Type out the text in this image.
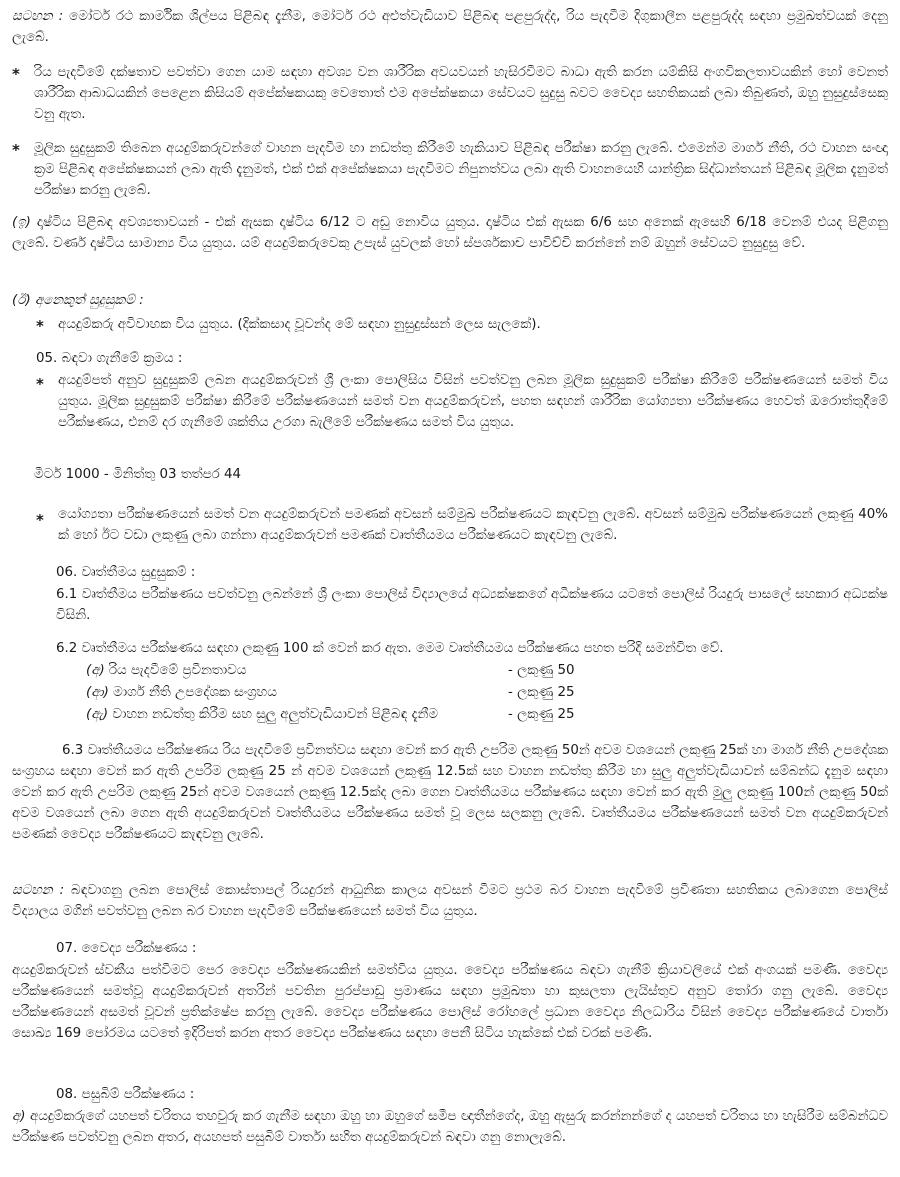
සටහන : මෝටර් රථ කාර්මික ශිල්පය පිළිබඳ දැනීම, මෝටර් රථ අළුත්වැඩියාව පිළිබඳ පළපුරුද්ද, රිය පැදවීම දිගුකාලීන පළපුරුද්ද සඳහා ප්‍රමුඛත්වයක් දෙනු ලැබේ.

* රිය පැදවීමේ දක්ෂතාව පවත්වා ගෙන යාම සඳහා අවශ්‍ය වන ශාරීරික අවයවයන් හැසිරවීමට බාධා ඇති කරන යම්කිසි අංගවිකලතාවයකින් හෝ වෙනත් ශාරීරික ආබාධයකින් පෙළෙන කිසියම් අපේක්ෂකයකු වෙතොත් එම අපේක්ෂකයා සේවයට සුදුසු බවට වෛද්‍ය සහතිකයක් ලබා තිබුණත්, ඔහු නුසුදුස්සෙකු වනු ඇත.

* මූලික සුදුසුකම් තිබෙන අයදුම්කරුවන්ගේ වාහන පැදවීම හා නඩත්තු කිරීමේ හැකියාව පිළිබඳ පරීක්ෂා කරනු ලැබේ. එමෙන්ම මාර්ග නීති, රථ වාහන සංඥා ක්‍රම පිළිබඳ අපේක්ෂකයන් ලබා ඇති දැනුමත්, එක් එක් අපේක්ෂකයා පැදවීමට නිපුනත්වය ලබා ඇති වාහනයෙහි යාන්ත්‍රික සිද්ධාන්තයන් පිළිබඳ මූලික දැනුමත් පරීක්ෂා කරනු ලැබේ.

(ඉ) දෘෂ්ටිය පිළිබඳ අවශ්‍යතාවයන් - එක් ඇසක දෘෂ්ටිය 6/12 ට අඩු නොවිය යුතුය. දෘෂ්ටිය එක් ඇසක 6/6 සහ අනෙක් ඇසෙහි 6/18 වෙනම් එයද පිළිගනු ලැබේ. වර්ණ දෘෂ්ටිය සාමාන්‍ය විය යුතුය. යම් අයදුම්කරුවෙකු උපැස් යුවලක් හෝ ස්පර්ශකාච පාවිච්චි කරන්නේ නම් ඔහුන් සේවයට නුසුදුසු වේ.

(ඊ) අනෙකුත් සුදුසුකම් :

* අයදුම්කරු අවිවාහක විය යුතුය. (දික්කසාද වූවන්ද මේ සඳහා නුසුදුස්සන් ලෙස සැලකේ).

05. බඳවා ගැනීමේ ක්‍රමය :

* අයදුම්පත් අනුව සුදුසුකම් ලබන අයදුම්කරුවන් ශ්‍රී ලංකා පොලිසිය විසින් පවත්වනු ලබන මූලික සුදුසුකම් පරීක්ෂා කිරීමේ පරීක්ෂණයෙන් සමත් විය යුතුය. මූලික සුදුසුකම් පරීක්ෂා කිරීමේ පරීක්ෂණයෙන් සමත් වන අයදුම්කරුවන්, පහත සඳහන් ශාරීරික යෝග්‍යතා පරීක්ෂණය හෙවත් ඔරොත්තුදීමේ පරීක්ෂණය, එනම් දර ගැනීමේ ශක්තිය උරගා බැලීමේ පරීක්ෂණය සමත් විය යුතුය.

මීටර් 1000 - මිනිත්තු 03 තත්පර 44

* යෝග්‍යතා පරීක්ෂණයෙන් සමත් වන අයදුම්කරුවන් පමණක් අවසන් සම්මුඛ පරීක්ෂණයට කැඳවනු ලැබේ. අවසන් සම්මුඛ පරීක්ෂණයෙන් ලකුණු 40% ක් හෝ ඊට වඩා ලකුණු ලබා ගන්නා අයදුම්කරුවන් පමණක් වෘත්තීයමය පරීක්ෂණයට කැඳවනු ලැබේ.

06. වෘත්තීමය සුදුසුකම් :

6.1 වෘත්තීමය පරීක්ෂණය පවත්වනු ලබන්නේ ශ්‍රී ලංකා පොලිස් විද්‍යාලයේ අධ්‍යක්ෂකගේ අධීක්ෂණය යටතේ පොලිස් රියදුරු පාසලේ සහකාර අධ්‍යක්ෂ විසිනි.

6.2 වෘත්තීමය පරීක්ෂණය සඳහා ලකුණු 100 ක් වෙන් කර ඇත. මෙම වෘත්තීයමය පරීක්ෂණය පහත පරිදි සමන්විත වේ.

(අ) රිය පැදවීමේ ප්‍රවීනතාවය	- ලකුණු 50
(ආ) මාර්ග නීති උපදේශක සංග්‍රහය	- ලකුණු 25
(ඇ) වාහන නඩත්තු කිරීම සහ සුලු අලුත්වැඩියාවන් පිළිබඳ දැනීම	- ලකුණු 25

6.3 වෘත්තීයමය පරීක්ෂණය රිය පැදවීමේ ප්‍රවීනත්වය සඳහා වෙන් කර ඇති උපරිම ලකුණු 50න් අවම වශයෙන් ලකුණු 25ක් හා මාර්ග නීති උපදේශක සංග්‍රහය සඳහා වෙන් කර ඇති උපරිම ලකුණු 25 න් අවම වශයෙන් ලකුණු 12.5ක් සහ වාහන නඩත්තු කිරීම හා සුලු අලුත්වැඩියාවන් සම්බන්ධ දැනුම සඳහා වෙන් කර ඇති උපරිම ලකුණු 25න් අවම වශයෙන් ලකුණු 12.5ක්ද ලබා ගෙන වෘත්තීයමය පරීක්ෂණය සඳහා වෙන් කර ඇති මුලු ලකුණු 100න් ලකුණු 50ක් අවම වශයෙන් ලබා ගෙන ඇති අයදුම්කරුවන් වෘත්තීයමය පරීක්ෂණය සමත් වූ ලෙස සලකනු ලැබේ. වෘත්තීයමය පරීක්ෂණයෙන් සමත් වන අයදුම්කරුවන් පමණක් වෛද්‍ය පරීක්ෂණයට කැඳවනු ලැබේ.

සටහන : බඳවාගනු ලබන පොලිස් කොස්තාපල් රියදුරන් ආධුනික කාලය අවසන් වීමට ප්‍රථම බර වාහන පැදවීමේ ප්‍රවීණතා සහතිකය ලබාගෙන පොලිස් විද්‍යාලය මගින් පවත්වනු ලබන බර වාහන පැදවීමේ පරීක්ෂණයෙන් සමත් විය යුතුය.

07. වෛද්‍ය පරීක්ෂණය :

අයදුම්කරුවන් ස්වකීය පත්වීමට පෙර වෛද්‍ය පරීක්ෂණයකින් සමත්විය යුතුය. වෛද්‍ය පරීක්ෂණය බඳවා ගැනීම් ක්‍රියාවලියේ එක් අංගයක් පමණි. වෛද්‍ය පරීක්ෂණයෙන් සමත්වූ අයදුම්කරුවන් අතරින් පවතින පුරප්පාඩු ප්‍රමාණය සඳහා ප්‍රමුඛතා හා කුසලතා ලැයිස්තුව අනුව තෝරා ගනු ලැබේ. වෛද්‍ය පරීක්ෂණයෙන් අසමත් වූවන් ප්‍රතික්ෂේප කරනු ලැබේ. වෛද්‍ය පරීක්ෂණය පොලිස් රෝහලේ ප්‍රධාන වෛද්‍ය නිලධාරිය විසින් වෛද්‍ය පරීක්ෂණයේ වාර්තා සොඛ්‍ය 169 පෝරමය යටතේ ඉදිරිපත් කරන අතර වෛද්‍ය පරීක්ෂණය සඳහා පෙනී සිටිය හැක්කේ එක් වරක් පමණි.

08. පසුබිම් පරීක්ෂණය :

අ) අයදුම්කරුගේ යහපත් චරිතය තහවුරු කර ගැනීම සඳහා ඔහු හා ඔහුගේ සමීප ඥාතීන්ගේද, ඔහු ඇසුරු කරන්නන්ගේ ද යහපත් චරිතය හා හැසිරීම සම්බන්ධව පරීක්ෂණ පවත්වනු ලබන අතර, අයහපත් පසුබිම් වාර්තා සහිත අයදුම්කරුවන් බඳවා ගනු නොලැබේ.
